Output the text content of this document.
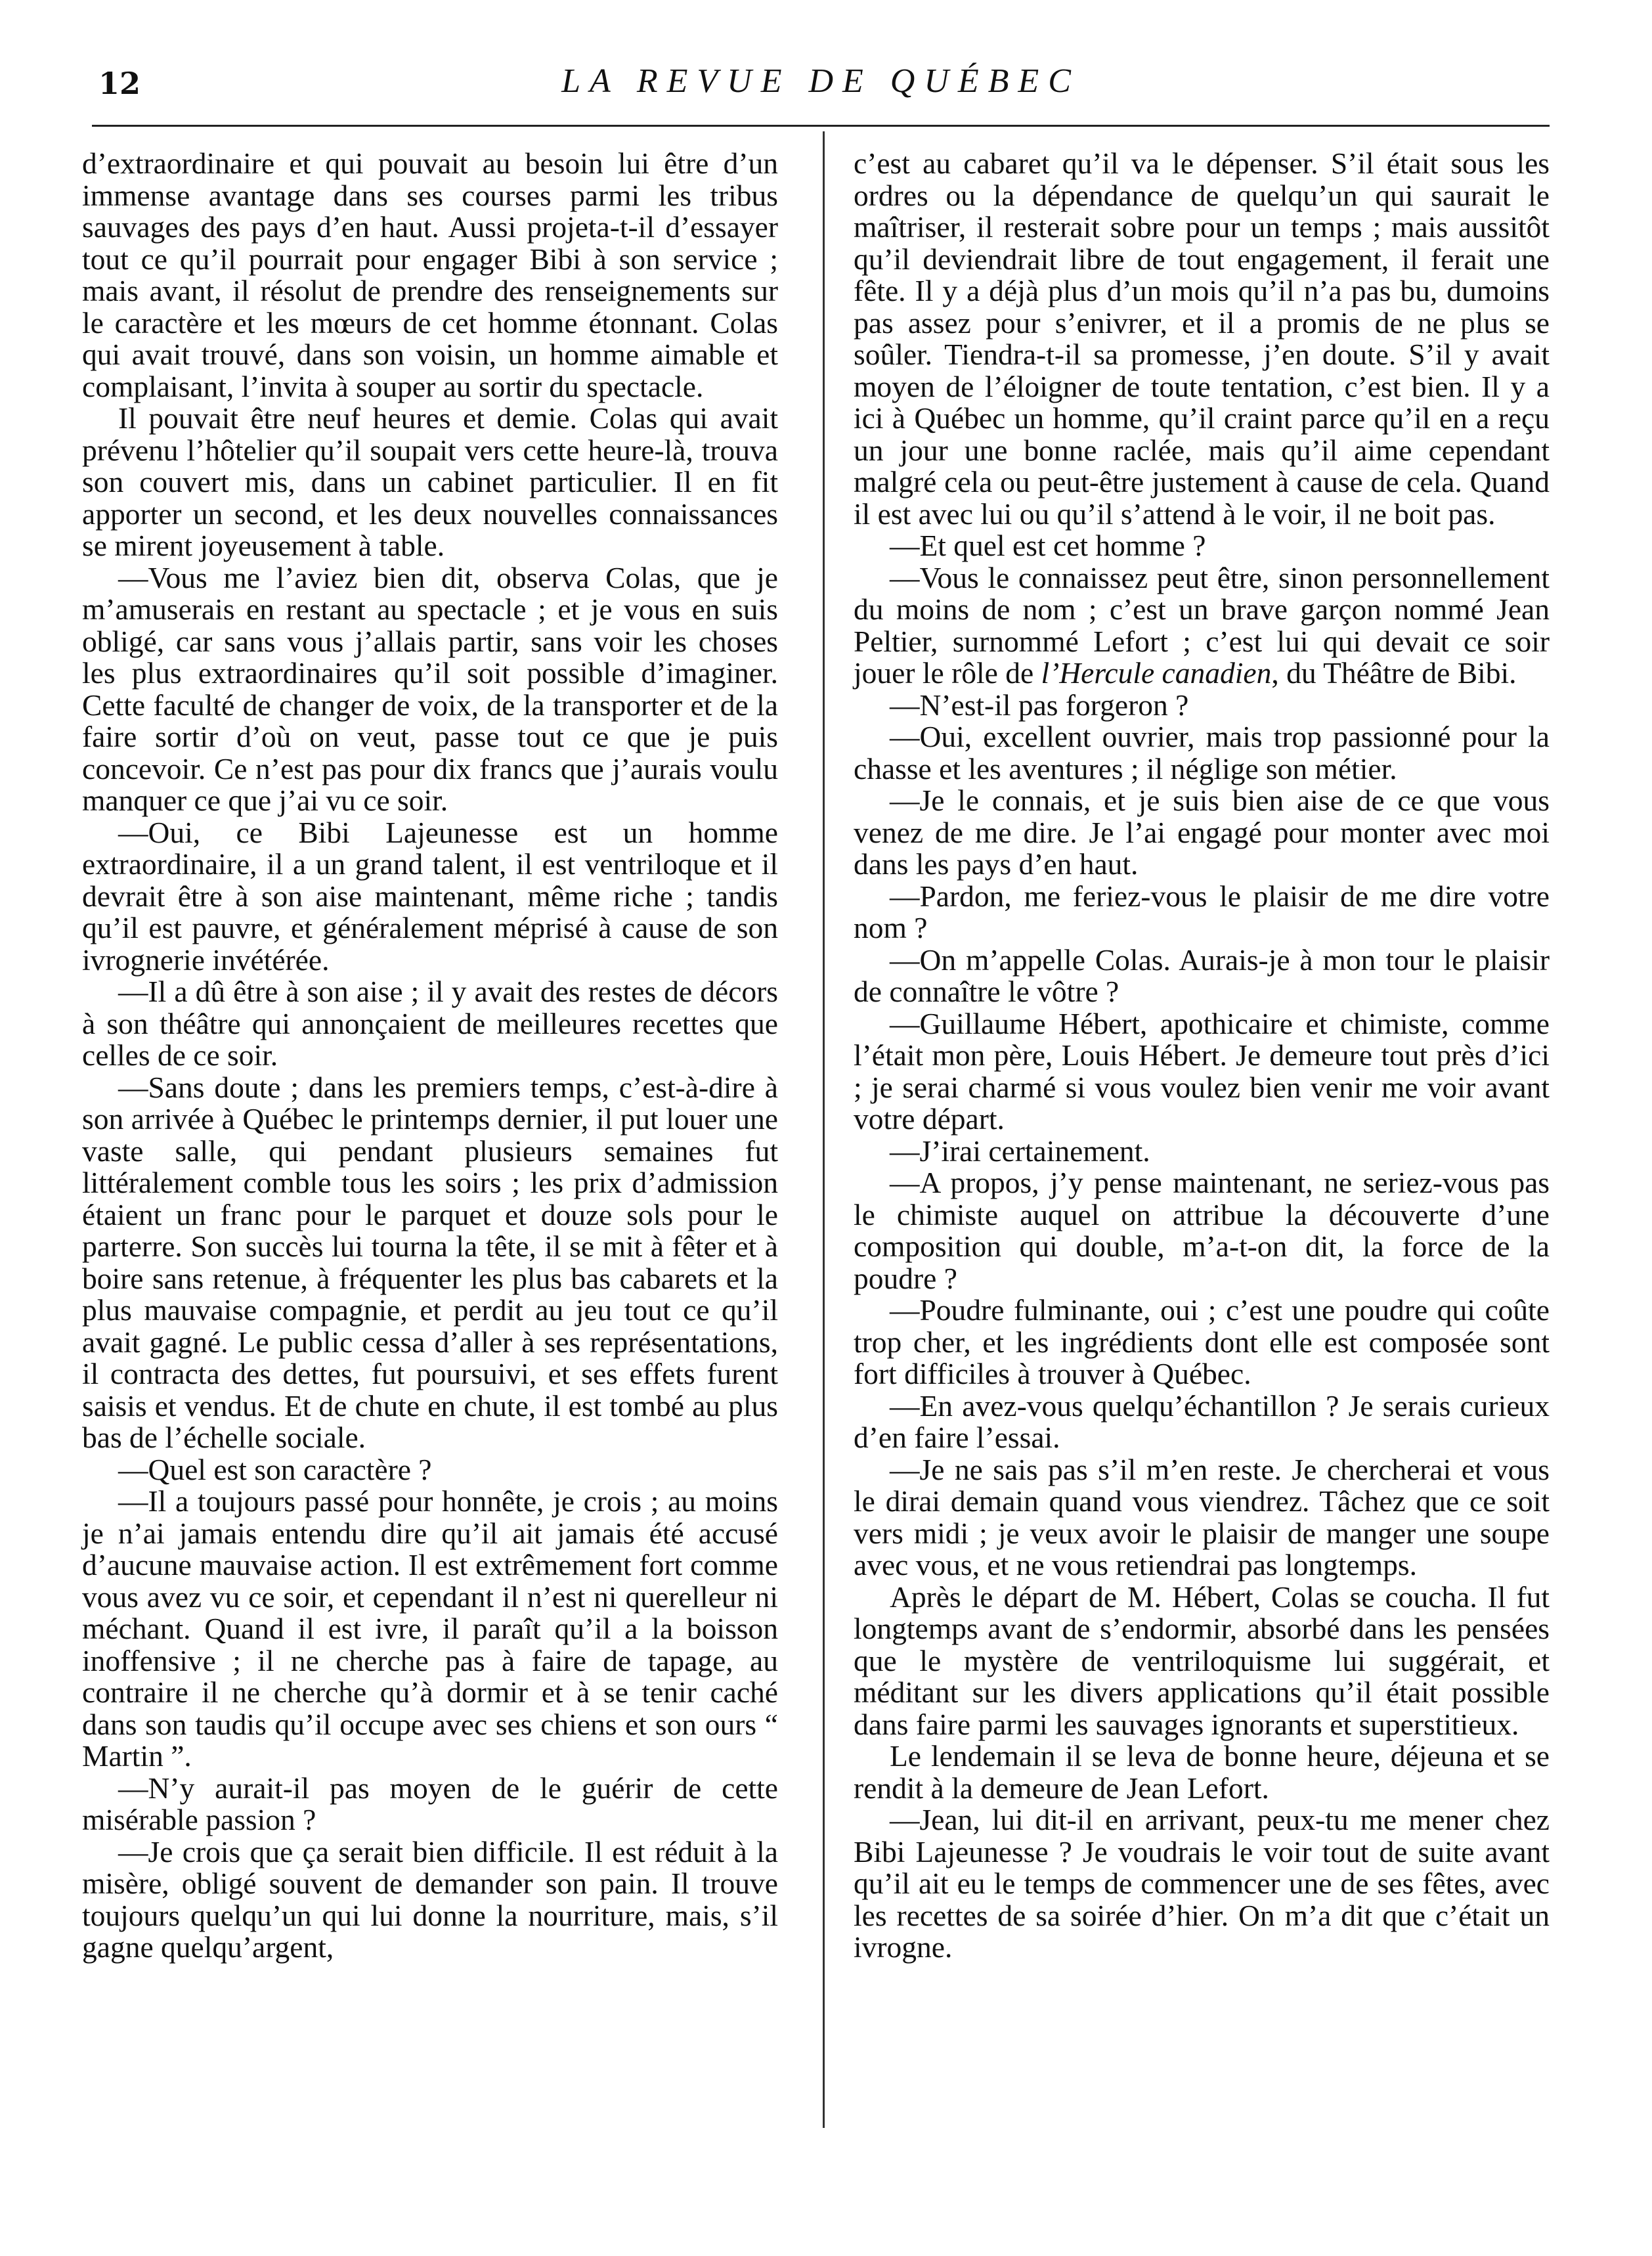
12	LA REVUE DE QUÉBEC

d’extraordinaire et qui pouvait au besoin lui être d’un immense avantage dans ses courses parmi les tribus sauvages des pays d’en haut. Aussi projeta-t-il d’essayer tout ce qu’il pourrait pour engager Bibi à son service ; mais avant, il résolut de prendre des renseignements sur le caractère et les mœurs de cet homme étonnant. Colas qui avait trouvé, dans son voisin, un homme aimable et complaisant, l’invita à souper au sortir du spectacle.

Il pouvait être neuf heures et demie. Colas qui avait prévenu l’hôtelier qu’il soupait vers cette heure-là, trouva son couvert mis, dans un cabinet particulier. Il en fit apporter un second, et les deux nouvelles connaissances se mirent joyeusement à table.

—Vous me l’aviez bien dit, observa Colas, que je m’amuserais en restant au spectacle ; et je vous en suis obligé, car sans vous j’allais partir, sans voir les choses les plus extraordinaires qu’il soit possible d’imaginer. Cette faculté de changer de voix, de la transporter et de la faire sortir d’où on veut, passe tout ce que je puis concevoir. Ce n’est pas pour dix francs que j’aurais voulu manquer ce que j’ai vu ce soir.

—Oui, ce Bibi Lajeunesse est un homme extraordinaire, il a un grand talent, il est ventriloque et il devrait être à son aise maintenant, même riche ; tandis qu’il est pauvre, et généralement méprisé à cause de son ivrognerie invétérée.

—Il a dû être à son aise ; il y avait des restes de décors à son théâtre qui annonçaient de meilleures recettes que celles de ce soir.

—Sans doute ; dans les premiers temps, c’est-à-dire à son arrivée à Québec le printemps dernier, il put louer une vaste salle, qui pendant plusieurs semaines fut littéralement comble tous les soirs ; les prix d’admission étaient un franc pour le parquet et douze sols pour le parterre. Son succès lui tourna la tête, il se mit à fêter et à boire sans retenue, à fréquenter les plus bas cabarets et la plus mauvaise compagnie, et perdit au jeu tout ce qu’il avait gagné. Le public cessa d’aller à ses représentations, il contracta des dettes, fut poursuivi, et ses effets furent saisis et vendus. Et de chute en chute, il est tombé au plus bas de l’échelle sociale.

—Quel est son caractère ?

—Il a toujours passé pour honnête, je crois ; au moins je n’ai jamais entendu dire qu’il ait jamais été accusé d’aucune mauvaise action. Il est extrêmement fort comme vous avez vu ce soir, et cependant il n’est ni querelleur ni méchant. Quand il est ivre, il paraît qu’il a la boisson inoffensive ; il ne cherche pas à faire de tapage, au contraire il ne cherche qu’à dormir et à se tenir caché dans son taudis qu’il occupe avec ses chiens et son ours “ Martin ”.

—N’y aurait-il pas moyen de le guérir de cette misérable passion ?

—Je crois que ça serait bien difficile. Il est réduit à la misère, obligé souvent de demander son pain. Il trouve toujours quelqu’un qui lui donne la nourriture, mais, s’il gagne quelqu’argent,

c’est au cabaret qu’il va le dépenser. S’il était sous les ordres ou la dépendance de quelqu’un qui saurait le maîtriser, il resterait sobre pour un temps ; mais aussitôt qu’il deviendrait libre de tout engagement, il ferait une fête. Il y a déjà plus d’un mois qu’il n’a pas bu, dumoins pas assez pour s’enivrer, et il a promis de ne plus se soûler. Tiendra-t-il sa promesse, j’en doute. S’il y avait moyen de l’éloigner de toute tentation, c’est bien. Il y a ici à Québec un homme, qu’il craint parce qu’il en a reçu un jour une bonne raclée, mais qu’il aime cependant malgré cela ou peut-être justement à cause de cela. Quand il est avec lui ou qu’il s’attend à le voir, il ne boit pas.

—Et quel est cet homme ?

—Vous le connaissez peut être, sinon personnellement du moins de nom ; c’est un brave garçon nommé Jean Peltier, surnommé Lefort ; c’est lui qui devait ce soir jouer le rôle de l’Hercule canadien, du Théâtre de Bibi.

—N’est-il pas forgeron ?

—Oui, excellent ouvrier, mais trop passionné pour la chasse et les aventures ; il néglige son métier.

—Je le connais, et je suis bien aise de ce que vous venez de me dire. Je l’ai engagé pour monter avec moi dans les pays d’en haut.

—Pardon, me feriez-vous le plaisir de me dire votre nom ?

—On m’appelle Colas. Aurais-je à mon tour le plaisir de connaître le vôtre ?

—Guillaume Hébert, apothicaire et chimiste, comme l’était mon père, Louis Hébert. Je demeure tout près d’ici ; je serai charmé si vous voulez bien venir me voir avant votre départ.

—J’irai certainement.

—A propos, j’y pense maintenant, ne seriez-vous pas le chimiste auquel on attribue la découverte d’une composition qui double, m’a-t-on dit, la force de la poudre ?

—Poudre fulminante, oui ; c’est une poudre qui coûte trop cher, et les ingrédients dont elle est composée sont fort difficiles à trouver à Québec.

—En avez-vous quelqu’échantillon ? Je serais curieux d’en faire l’essai.

—Je ne sais pas s’il m’en reste. Je chercherai et vous le dirai demain quand vous viendrez. Tâchez que ce soit vers midi ; je veux avoir le plaisir de manger une soupe avec vous, et ne vous retiendrai pas longtemps.

Après le départ de M. Hébert, Colas se coucha. Il fut longtemps avant de s’endormir, absorbé dans les pensées que le mystère de ventriloquisme lui suggérait, et méditant sur les divers applications qu’il était possible dans faire parmi les sauvages ignorants et superstitieux.

Le lendemain il se leva de bonne heure, déjeuna et se rendit à la demeure de Jean Lefort.

—Jean, lui dit-il en arrivant, peux-tu me mener chez Bibi Lajeunesse ? Je voudrais le voir tout de suite avant qu’il ait eu le temps de commencer une de ses fêtes, avec les recettes de sa soirée d’hier. On m’a dit que c’était un ivrogne.
